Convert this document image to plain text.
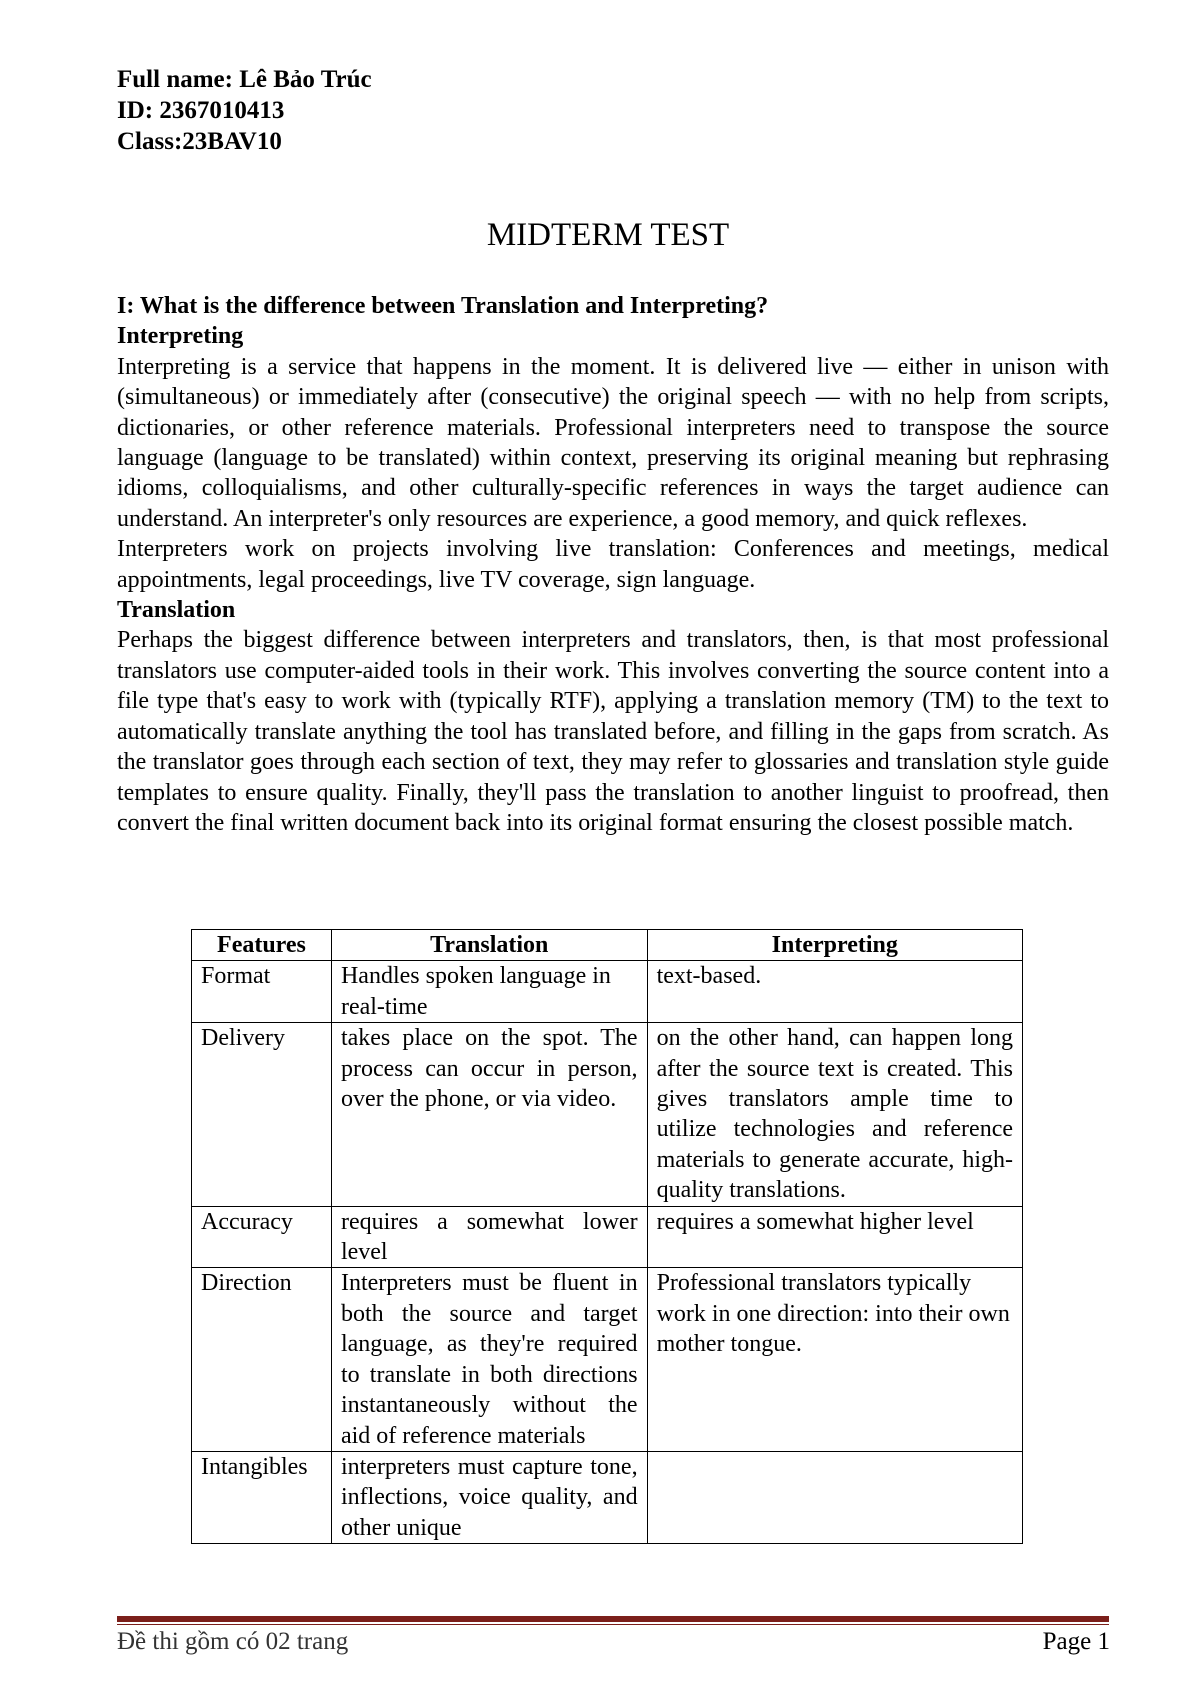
Full name: Lê Bảo Trúc
ID: 2367010413
Class:23BAV10
MIDTERM TEST
I: What is the difference between Translation and Interpreting?
Interpreting

Interpreting is a service that happens in the moment. It is delivered live — either in unison with (simultaneous) or immediately after (consecutive) the original speech — with no help from scripts, dictionaries, or other reference materials. Professional interpreters need to transpose the source language (language to be translated) within context, preserving its original meaning but rephrasing idioms, colloquialisms, and other culturally-specific references in ways the target audience can understand. An interpreter's only resources are experience, a good memory, and quick reflexes.

Interpreters work on projects involving live translation: Conferences and meetings, medical appointments, legal proceedings, live TV coverage, sign language.

Translation

Perhaps the biggest difference between interpreters and translators, then, is that most professional translators use computer-aided tools in their work. This involves converting the source content into a file type that's easy to work with (typically RTF), applying a translation memory (TM) to the text to automatically translate anything the tool has translated before, and filling in the gaps from scratch. As the translator goes through each section of text, they may refer to glossaries and translation style guide templates to ensure quality. Finally, they'll pass the translation to another linguist to proofread, then convert the final written document back into its original format ensuring the closest possible match.

Features	Translation	Interpreting
Format	Handles spoken language in real-time	text-based.
Delivery	takes place on the spot. The process can occur in person, over the phone, or via video.	on the other hand, can happen long after the source text is created. This gives translators ample time to utilize technologies and reference materials to generate accurate, high-quality translations.
Accuracy	requires a somewhat lower level	requires a somewhat higher level
Direction	Interpreters must be fluent in both the source and target language, as they're required to translate in both directions instantaneously without the aid of reference materials	Professional translators typically work in one direction: into their own mother tongue.
Intangibles	interpreters must capture tone, inflections, voice quality, and other unique	
Đề thi gồm có 02 trang	Page 1
